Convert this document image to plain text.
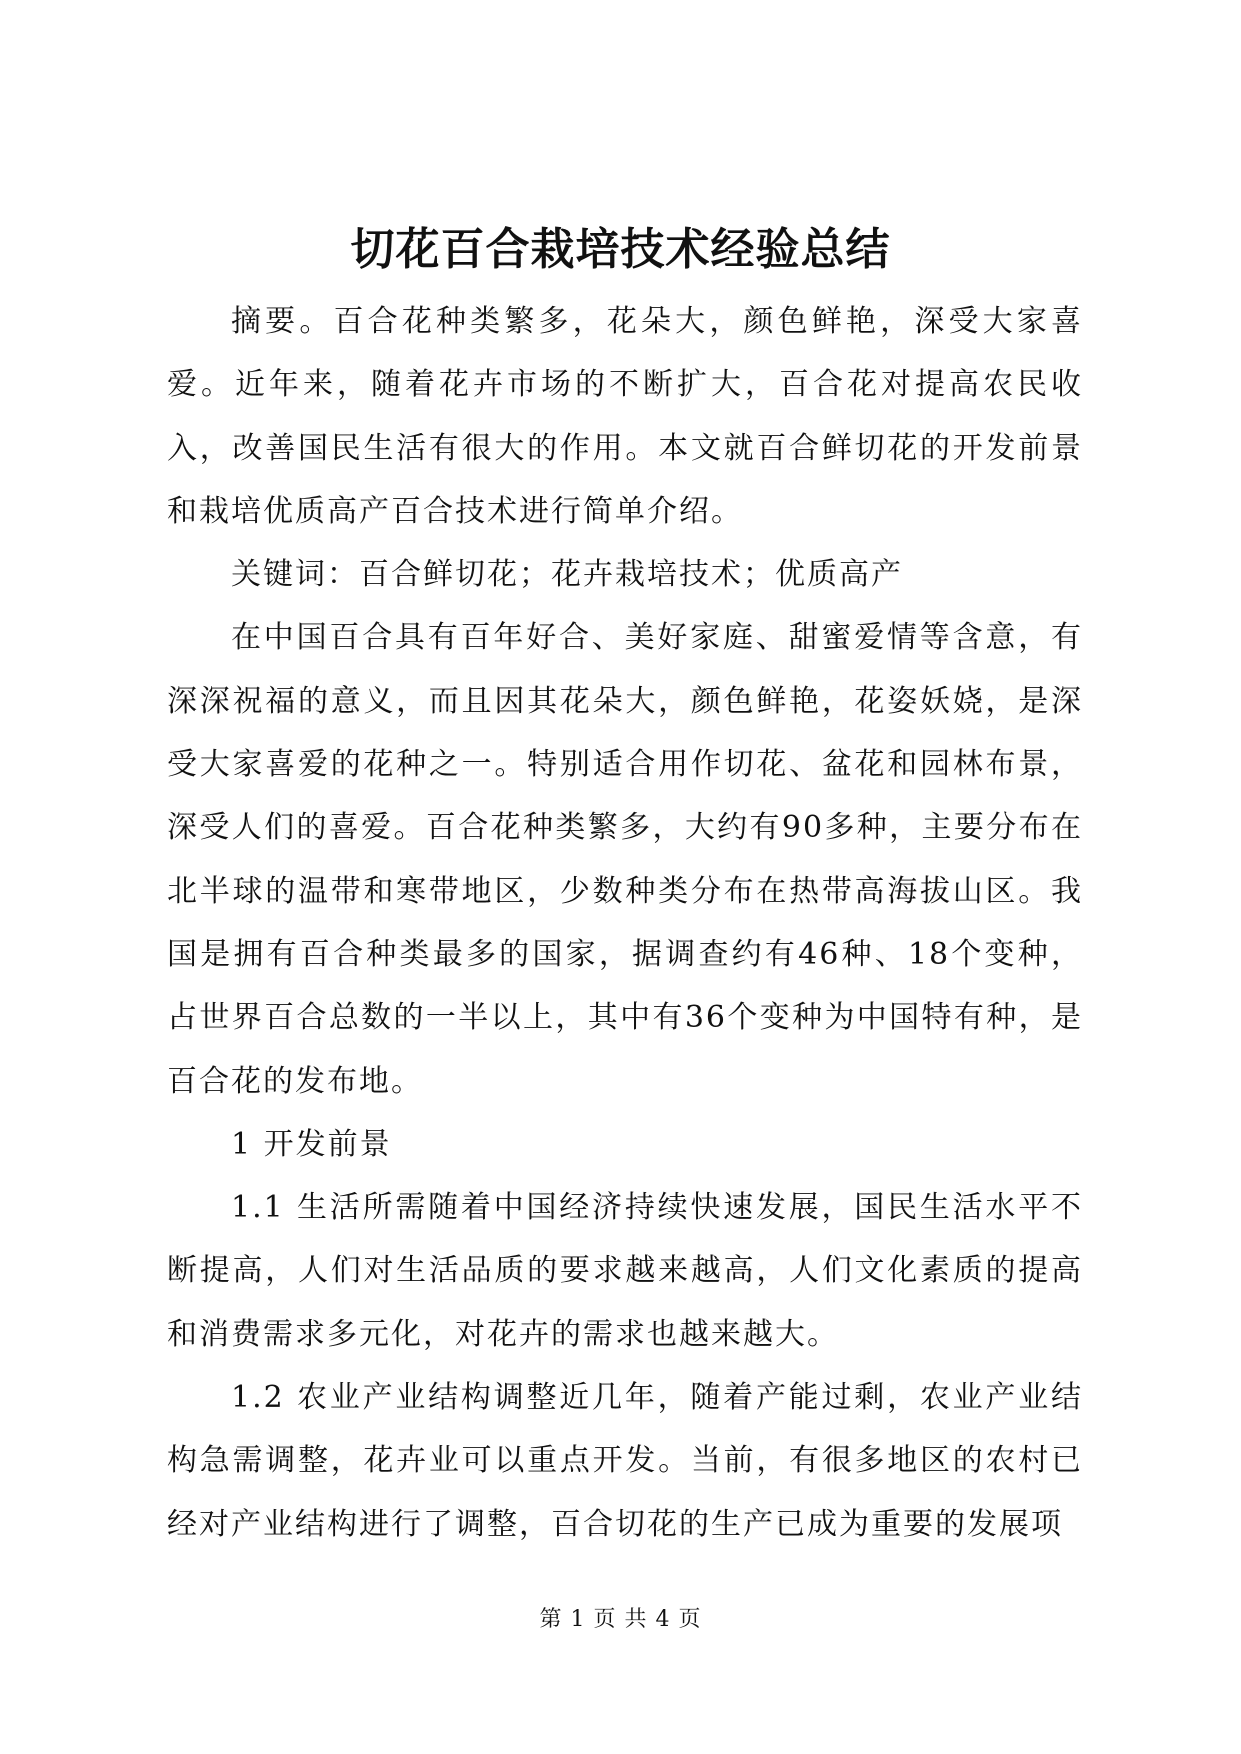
切花百合栽培技术经验总结

摘要。百合花种类繁多，花朵大，颜色鲜艳，深受大家喜爱。近年来，随着花卉市场的不断扩大，百合花对提高农民收入，改善国民生活有很大的作用。本文就百合鲜切花的开发前景和栽培优质高产百合技术进行简单介绍。

关键词：百合鲜切花；花卉栽培技术；优质高产

在中国百合具有百年好合、美好家庭、甜蜜爱情等含意，有深深祝福的意义，而且因其花朵大，颜色鲜艳，花姿妖娆，是深受大家喜爱的花种之一。特别适合用作切花、盆花和园林布景，深受人们的喜爱。百合花种类繁多，大约有90多种，主要分布在北半球的温带和寒带地区，少数种类分布在热带高海拔山区。我国是拥有百合种类最多的国家，据调查约有46种、18个变种，占世界百合总数的一半以上，其中有36个变种为中国特有种，是百合花的发布地。

1 开发前景

1.1 生活所需随着中国经济持续快速发展，国民生活水平不断提高，人们对生活品质的要求越来越高，人们文化素质的提高和消费需求多元化，对花卉的需求也越来越大。

1.2 农业产业结构调整近几年，随着产能过剩，农业产业结构急需调整，花卉业可以重点开发。当前，有很多地区的农村已经对产业结构进行了调整，百合切花的生产已成为重要的发展项

第 1 页 共 4 页
